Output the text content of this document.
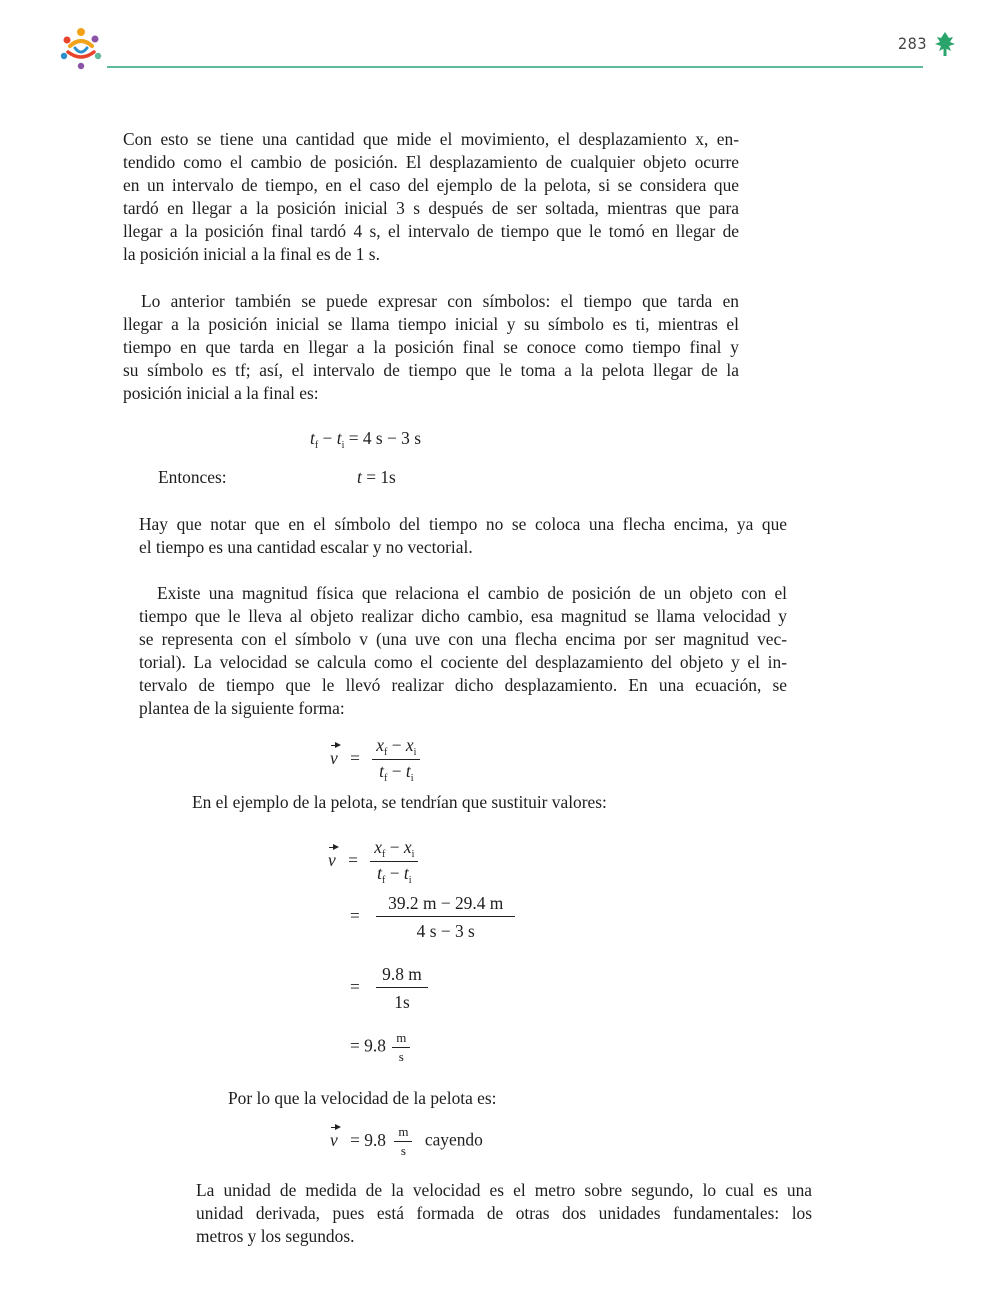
283
Con esto se tiene una cantidad que mide el movimiento, el desplazamiento x, en-
tendido como el cambio de posición. El desplazamiento de cualquier objeto ocurre
en un intervalo de tiempo, en el caso del ejemplo de la pelota, si se considera que
tardó en llegar a la posición inicial 3 s después de ser soltada, mientras que para
llegar a la posición final tardó 4 s, el intervalo de tiempo que le tomó en llegar de
la posición inicial a la final es de 1 s.
Lo anterior también se puede expresar con símbolos: el tiempo que tarda en
llegar a la posición inicial se llama tiempo inicial y su símbolo es ti, mientras el
tiempo en que tarda en llegar a la posición final se conoce como tiempo final y
su símbolo es tf; así, el intervalo de tiempo que le toma a la pelota llegar de la
posición inicial a la final es:
$t_f - t_i = 4$ s − 3 s
Entonces:	t = 1s
Hay que notar que en el símbolo del tiempo no se coloca una flecha encima, ya que
el tiempo es una cantidad escalar y no vectorial.
Existe una magnitud física que relaciona el cambio de posición de un objeto con el
tiempo que le lleva al objeto realizar dicho cambio, esa magnitud se llama velocidad y
se representa con el símbolo v (una uve con una flecha encima por ser magnitud vec-
torial). La velocidad se calcula como el cociente del desplazamiento del objeto y el in-
tervalo de tiempo que le llevó realizar dicho desplazamiento. En una ecuación, se
plantea de la siguiente forma:
$v = \frac{x_f - x_i}{t_f - t_i}$
En el ejemplo de la pelota, se tendrían que sustituir valores:
$v = \frac{x_f - x_i}{t_f - t_i}$
= $\frac{39.2 m - 29.4 m}{4 s - 3 s}$
= $\frac{9.8 m}{1s}$
= $9.8 \frac{m}{s}$
Por lo que la velocidad de la pelota es:
$v = 9.8 \frac{m}{s}$ cayendo
La unidad de medida de la velocidad es el metro sobre segundo, lo cual es una
unidad derivada, pues está formada de otras dos unidades fundamentales: los
metros y los segundos.
